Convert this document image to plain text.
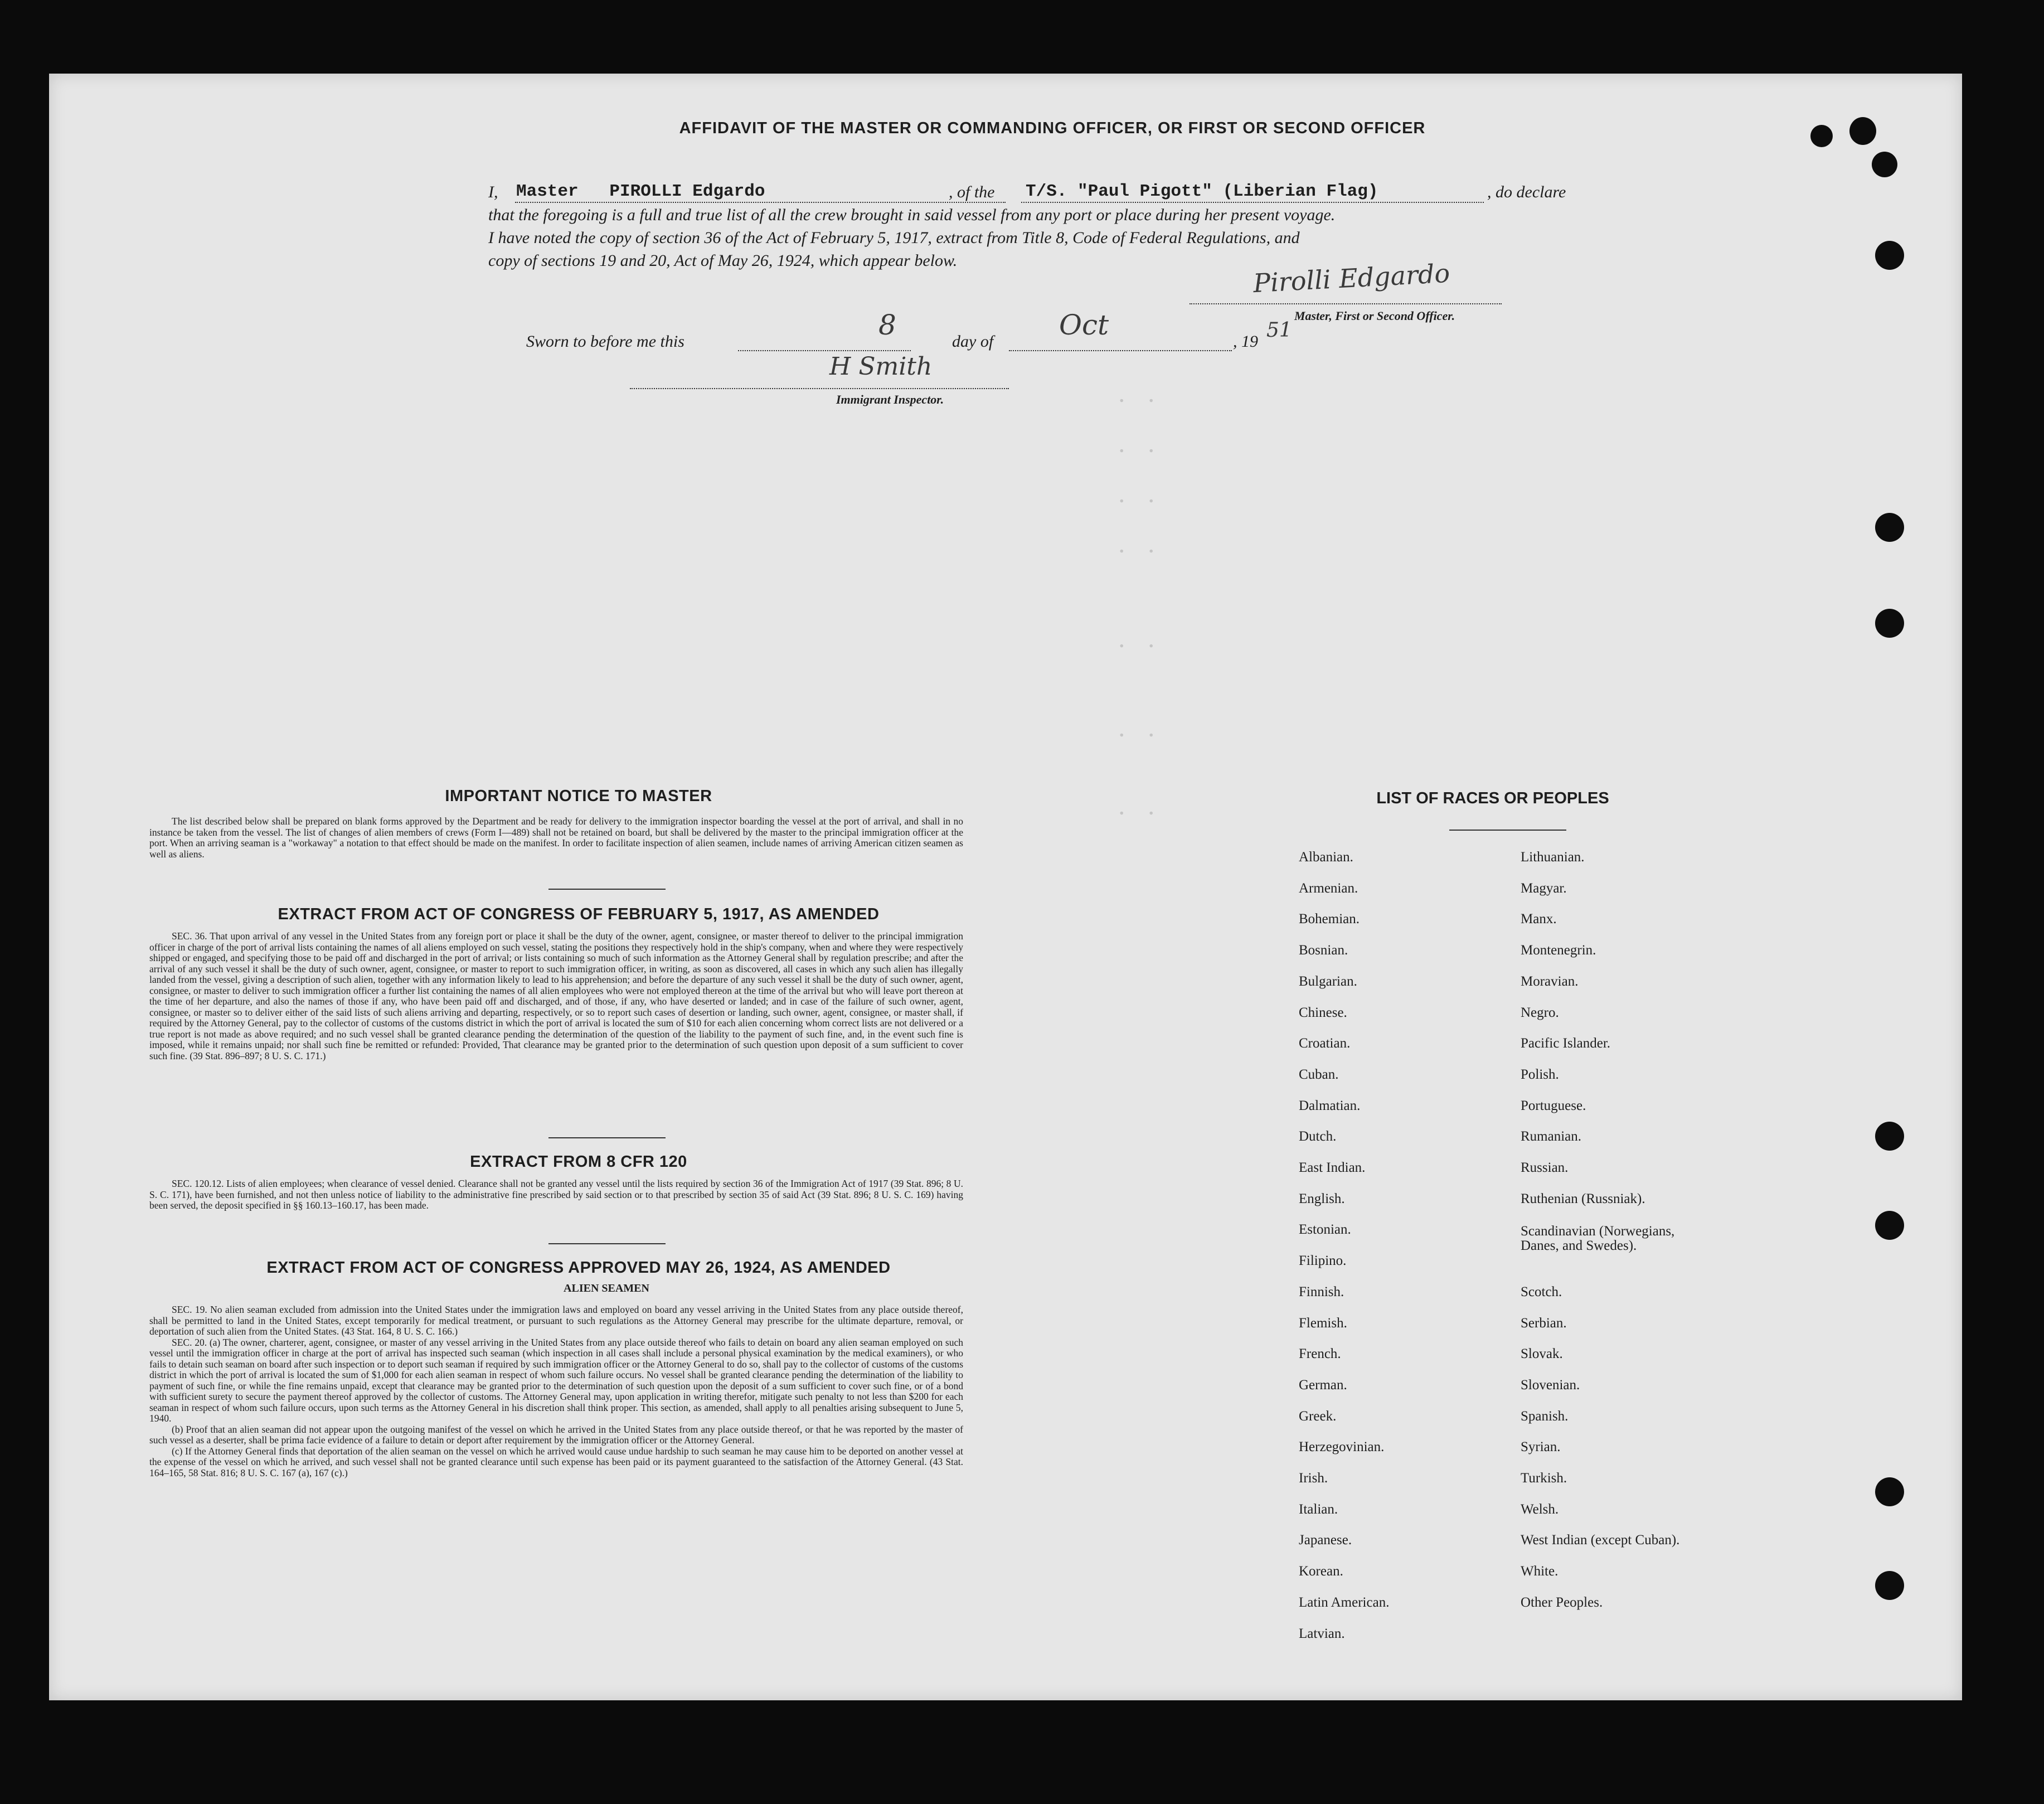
AFFIDAVIT OF THE MASTER OR COMMANDING OFFICER, OR FIRST OR SECOND OFFICER
I, Master   PIROLLI Edgardo	, of the T/S. "Paul Pigott" (Liberian Flag)	, do declare
that the foregoing is a full and true list of all the crew brought in said vessel from any port or place during her present voyage.
I have noted the copy of section 36 of the Act of February 5, 1917, extract from Title 8, Code of Federal Regulations, and
copy of sections 19 and 20, Act of May 26, 1924, which appear below.	Pirolli Edgardo
Master, First or Second Officer.
Sworn to before me this
8
day of
Oct
, 19 51
H Smith
Immigrant Inspector.	. .
. .
. .
. .
. .
. .
. .
IMPORTANT NOTICE TO MASTER

The list described below shall be prepared on blank forms approved by the Department and be ready for delivery to the immigration inspector boarding the vessel at the port of arrival, and shall in no instance be taken from the vessel. The list of changes of alien members of crews (Form I—489) shall not be retained on board, but shall be delivered by the master to the principal immigration officer at the port. When an arriving seaman is a "workaway" a notation to that effect should be made on the manifest. In order to facilitate inspection of alien seamen, include names of arriving American citizen seamen as well as aliens.

EXTRACT FROM ACT OF CONGRESS OF FEBRUARY 5, 1917, AS AMENDED

SEC. 36. That upon arrival of any vessel in the United States from any foreign port or place it shall be the duty of the owner, agent, consignee, or master thereof to deliver to the principal immigration officer in charge of the port of arrival lists containing the names of all aliens employed on such vessel, stating the positions they respectively hold in the ship's company, when and where they were respectively shipped or engaged, and specifying those to be paid off and discharged in the port of arrival; or lists containing so much of such information as the Attorney General shall by regulation prescribe; and after the arrival of any such vessel it shall be the duty of such owner, agent, consignee, or master to report to such immigration officer, in writing, as soon as discovered, all cases in which any such alien has illegally landed from the vessel, giving a description of such alien, together with any information likely to lead to his apprehension; and before the departure of any such vessel it shall be the duty of such owner, agent, consignee, or master to deliver to such immigration officer a further list containing the names of all alien employees who were not employed thereon at the time of the arrival but who will leave port thereon at the time of her departure, and also the names of those if any, who have been paid off and discharged, and of those, if any, who have deserted or landed; and in case of the failure of such owner, agent, consignee, or master so to deliver either of the said lists of such aliens arriving and departing, respectively, or so to report such cases of desertion or landing, such owner, agent, consignee, or master shall, if required by the Attorney General, pay to the collector of customs of the customs district in which the port of arrival is located the sum of $10 for each alien concerning whom correct lists are not delivered or a true report is not made as above required; and no such vessel shall be granted clearance pending the determination of the question of the liability to the payment of such fine, and, in the event such fine is imposed, while it remains unpaid; nor shall such fine be remitted or refunded: Provided, That clearance may be granted prior to the determination of such question upon deposit of a sum sufficient to cover such fine. (39 Stat. 896–897; 8 U. S. C. 171.)

EXTRACT FROM 8 CFR 120

SEC. 120.12. Lists of alien employees; when clearance of vessel denied. Clearance shall not be granted any vessel until the lists required by section 36 of the Immigration Act of 1917 (39 Stat. 896; 8 U. S. C. 171), have been furnished, and not then unless notice of liability to the administrative fine prescribed by said section or to that prescribed by section 35 of said Act (39 Stat. 896; 8 U. S. C. 169) having been served, the deposit specified in §§ 160.13–160.17, has been made.

EXTRACT FROM ACT OF CONGRESS APPROVED MAY 26, 1924, AS AMENDED
ALIEN SEAMEN

SEC. 19. No alien seaman excluded from admission into the United States under the immigration laws and employed on board any vessel arriving in the United States from any place outside thereof, shall be permitted to land in the United States, except temporarily for medical treatment, or pursuant to such regulations as the Attorney General may prescribe for the ultimate departure, removal, or deportation of such alien from the United States. (43 Stat. 164, 8 U. S. C. 166.)

SEC. 20. (a) The owner, charterer, agent, consignee, or master of any vessel arriving in the United States from any place outside thereof who fails to detain on board any alien seaman employed on such vessel until the immigration officer in charge at the port of arrival has inspected such seaman (which inspection in all cases shall include a personal physical examination by the medical examiners), or who fails to detain such seaman on board after such inspection or to deport such seaman if required by such immigration officer or the Attorney General to do so, shall pay to the collector of customs of the customs district in which the port of arrival is located the sum of $1,000 for each alien seaman in respect of whom such failure occurs. No vessel shall be granted clearance pending the determination of the liability to payment of such fine, or while the fine remains unpaid, except that clearance may be granted prior to the determination of such question upon the deposit of a sum sufficient to cover such fine, or of a bond with sufficient surety to secure the payment thereof approved by the collector of customs. The Attorney General may, upon application in writing therefor, mitigate such penalty to not less than $200 for each seaman in respect of whom such failure occurs, upon such terms as the Attorney General in his discretion shall think proper. This section, as amended, shall apply to all penalties arising subsequent to June 5, 1940.

(b) Proof that an alien seaman did not appear upon the outgoing manifest of the vessel on which he arrived in the United States from any place outside thereof, or that he was reported by the master of such vessel as a deserter, shall be prima facie evidence of a failure to detain or deport after requirement by the immigration officer or the Attorney General.

(c) If the Attorney General finds that deportation of the alien seaman on the vessel on which he arrived would cause undue hardship to such seaman he may cause him to be deported on another vessel at the expense of the vessel on which he arrived, and such vessel shall not be granted clearance until such expense has been paid or its payment guaranteed to the satisfaction of the Attorney General. (43 Stat. 164–165, 58 Stat. 816; 8 U. S. C. 167 (a), 167 (c).)

LIST OF RACES OR PEOPLES
Albanian.
Armenian.
Bohemian.
Bosnian.
Bulgarian.
Chinese.
Croatian.
Cuban.
Dalmatian.
Dutch.
East Indian.
English.
Estonian.
Filipino.
Finnish.
Flemish.
French.
German.
Greek.
Herzegovinian.
Irish.
Italian.
Japanese.
Korean.
Latin American.
Latvian.
Lithuanian.
Magyar.
Manx.
Montenegrin.
Moravian.
Negro.
Pacific Islander.
Polish.
Portuguese.
Rumanian.
Russian.
Ruthenian (Russniak).
Scandinavian (Norwegians, Danes, and Swedes).
Scotch.
Serbian.
Slovak.
Slovenian.
Spanish.
Syrian.
Turkish.
Welsh.
West Indian (except Cuban).
White.
Other Peoples.
